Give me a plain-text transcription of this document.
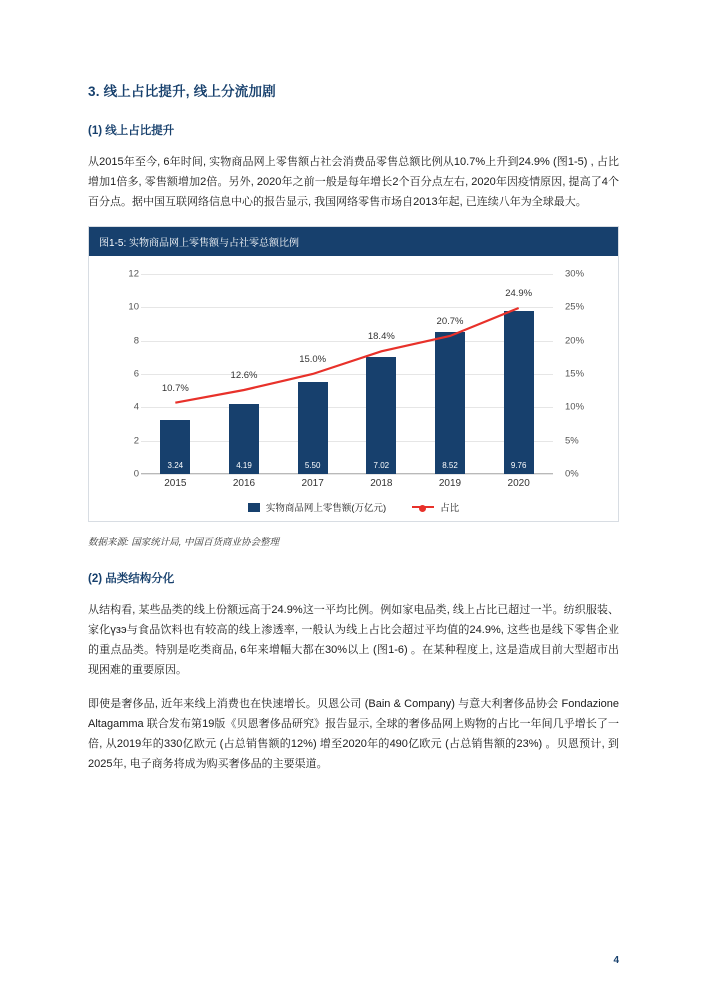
3. 线上占比提升, 线上分流加剧
(1) 线上占比提升

从2015年至今, 6年时间, 实物商品网上零售额占社会消费品零售总额比例从10.7%上升到24.9% (图1-5) , 占比增加1倍多, 零售额增加2倍。另外, 2020年之前一般是每年增长2个百分点左右, 2020年因疫情原因, 提高了4个百分点。据中国互联网络信息中心的报告显示, 我国网络零售市场自2013年起, 已连续八年为全球最大。

图1-5: 实物商品网上零售额与占社零总额比例
0
2
4
6
8
10
12
0%
5%
10%
15%
20%
25%
30%
3.24	4.19	5.50	7.02	8.52	9.76
10.7%
12.6%
15.0%
18.4%
20.7%
24.9%
2015	2016	2017	2018	2019	2020
实物商品网上零售额(万亿元)	占比
数据来源: 国家统计局, 中国百货商业协会整理
(2) 品类结构分化

从结构看, 某些品类的线上份额远高于24.9%这一平均比例。例如家电品类, 线上占比已超过一半。纺织服装、家化үзэ与食品饮料也有较高的线上渗透率, 一般认为线上占比会超过平均值的24.9%, 这些也是线下零售企业的重点品类。特别是吃类商品, 6年来增幅大都在30%以上 (图1-6) 。在某种程度上, 这是造成目前大型超市出现困难的重要原因。

即使是奢侈品, 近年来线上消费也在快速增长。贝恩公司 (Bain & Company) 与意大利奢侈品协会 Fondazione Altagamma 联合发布第19版《贝恩奢侈品研究》报告显示, 全球的奢侈品网上购物的占比一年间几乎增长了一倍, 从2019年的330亿欧元 (占总销售额的12%) 增至2020年的490亿欧元 (占总销售额的23%) 。贝恩预计, 到2025年, 电子商务将成为购买奢侈品的主要渠道。

4
